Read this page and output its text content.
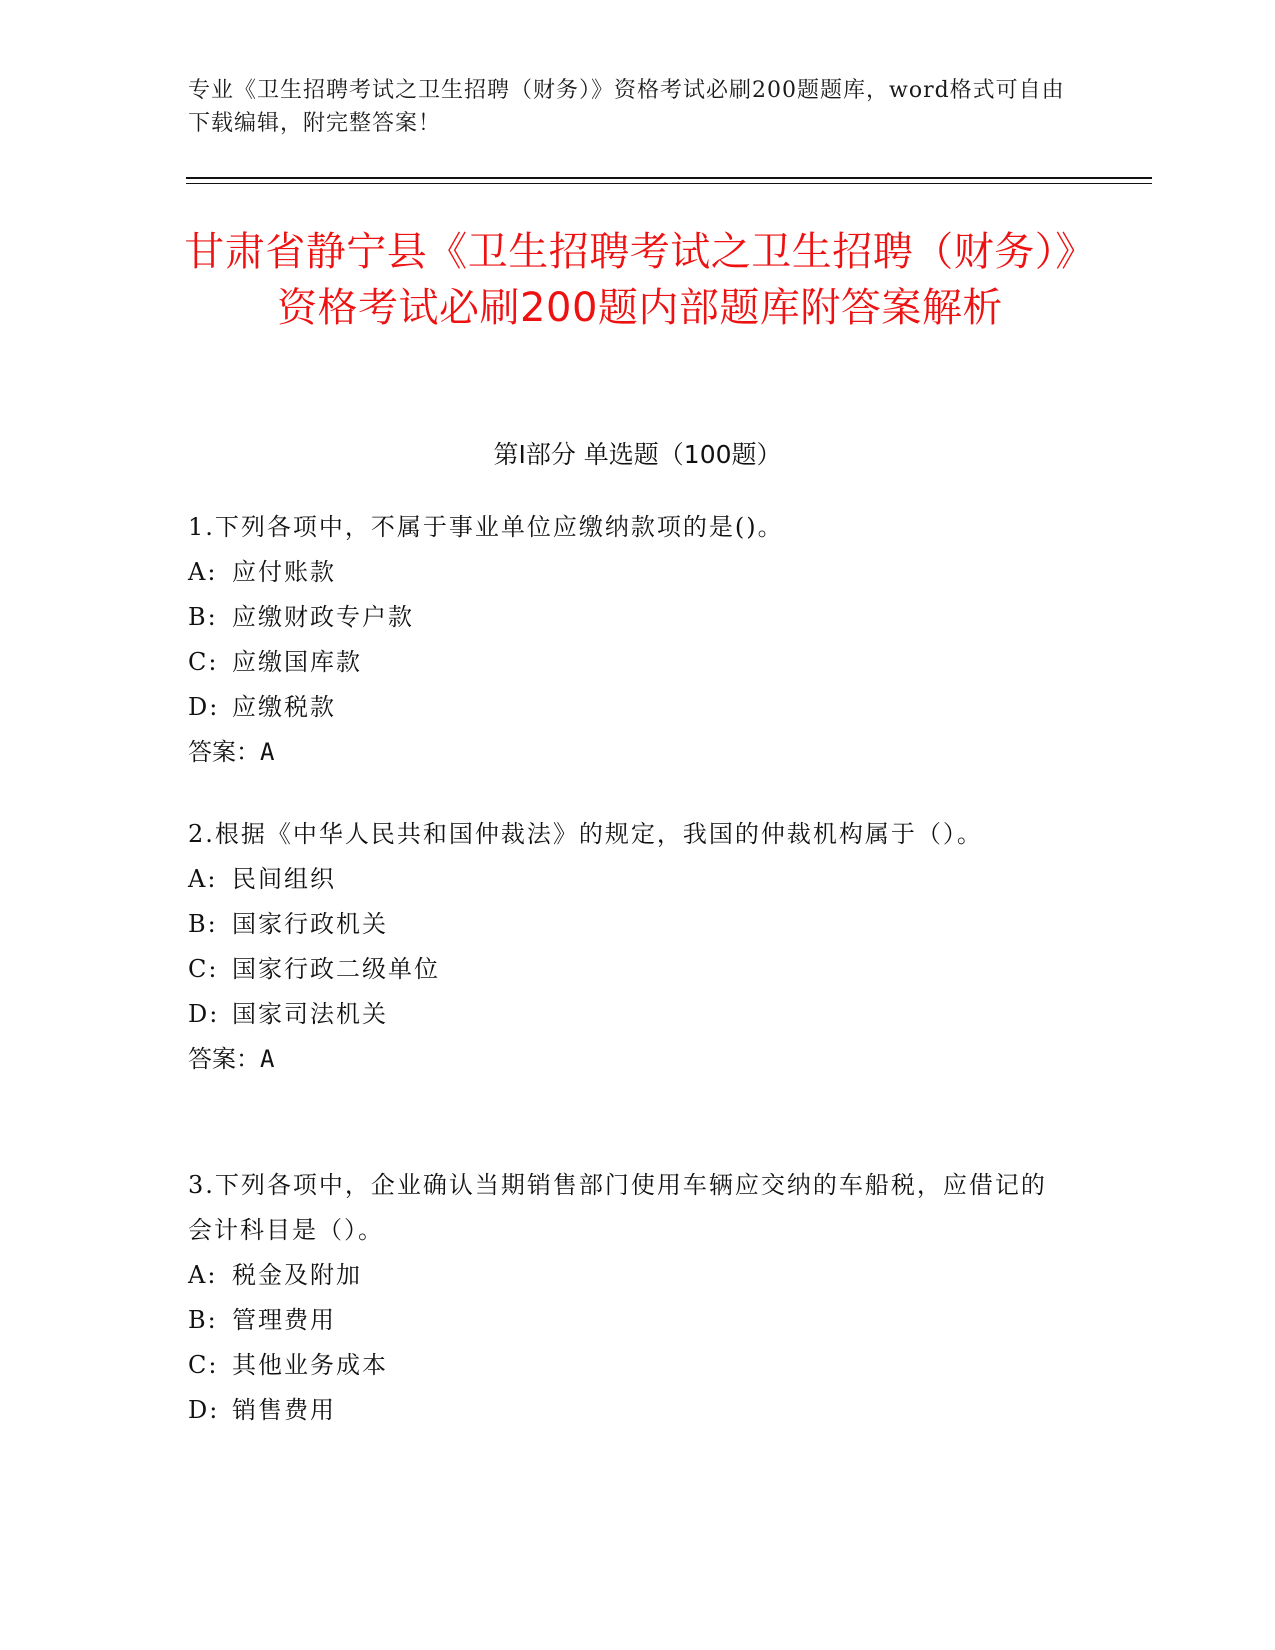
专业《卫生招聘考试之卫生招聘（财务）》资格考试必刷200题题库，word格式可自由下载编辑，附完整答案！
甘肃省静宁县《卫生招聘考试之卫生招聘（财务）》资格考试必刷200题内部题库附答案解析
第Ⅰ部分 单选题（100题）

1.下列各项中，不属于事业单位应缴纳款项的是()。

A: 应付账款

B: 应缴财政专户款

C: 应缴国库款

D: 应缴税款

答案：A

2.根据《中华人民共和国仲裁法》的规定，我国的仲裁机构属于（）。

A: 民间组织

B: 国家行政机关

C: 国家行政二级单位

D: 国家司法机关

答案：A

3.下列各项中，企业确认当期销售部门使用车辆应交纳的车船税，应借记的会计科目是（）。

A: 税金及附加

B: 管理费用

C: 其他业务成本

D: 销售费用
